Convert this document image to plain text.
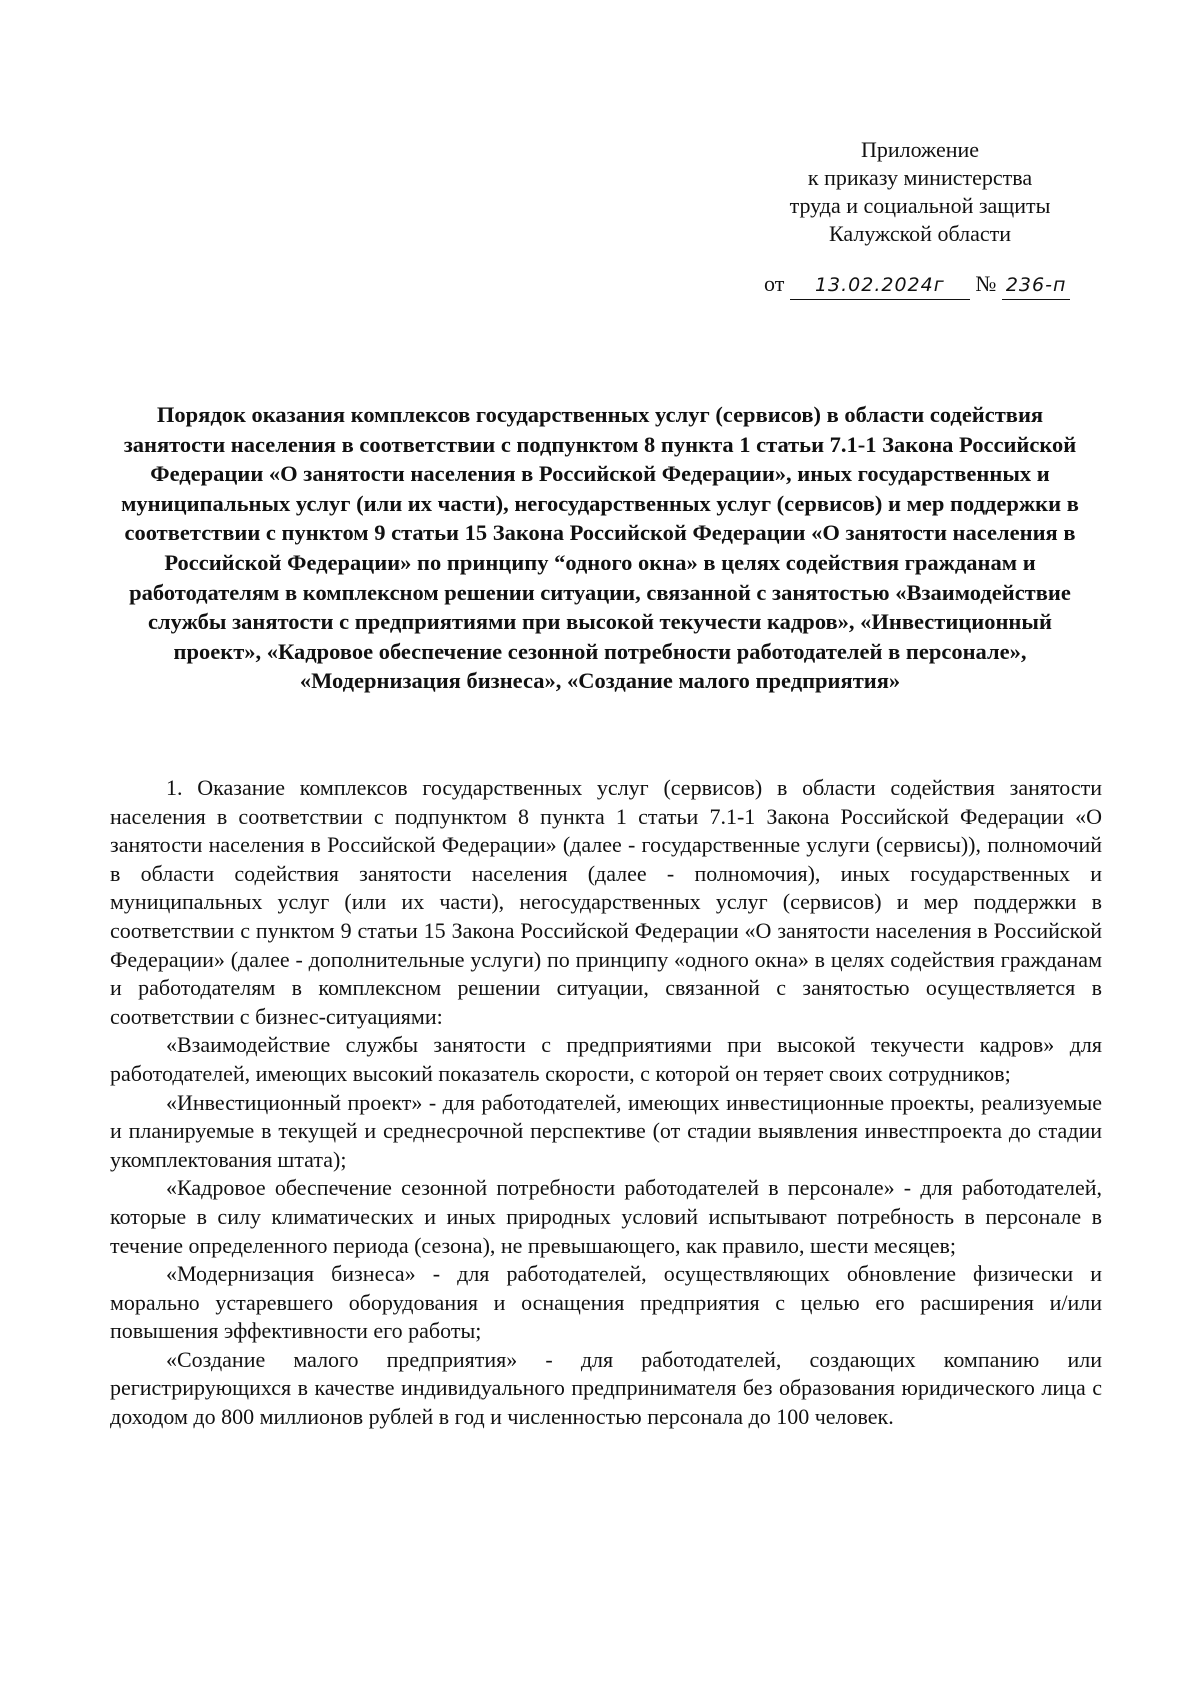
Приложение
к приказу министерства
труда и социальной защиты
Калужской области
от 13.02.2024г № 236-п
Порядок оказания комплексов государственных услуг (сервисов) в области содействия занятости населения в соответствии с подпунктом 8 пункта 1 статьи 7.1-1 Закона Российской Федерации «О занятости населения в Российской Федерации», иных государственных и муниципальных услуг (или их части), негосударственных услуг (сервисов) и мер поддержки в соответствии с пунктом 9 статьи 15 Закона Российской Федерации «О занятости населения в Российской Федерации» по принципу “одного окна» в целях содействия гражданам и работодателям в комплексном решении ситуации, связанной с занятостью «Взаимодействие службы занятости с предприятиями при высокой текучести кадров», «Инвестиционный проект», «Кадровое обеспечение сезонной потребности работодателей в персонале», «Модернизация бизнеса», «Создание малого предприятия»

1. Оказание комплексов государственных услуг (сервисов) в области содействия занятости населения в соответствии с подпунктом 8 пункта 1 статьи 7.1-1 Закона Российской Федерации «О занятости населения в Российской Федерации» (далее - государственные услуги (сервисы)), полномочий в области содействия занятости населения (далее - полномочия), иных государственных и муниципальных услуг (или их части), негосударственных услуг (сервисов) и мер поддержки в соответствии с пунктом 9 статьи 15 Закона Российской Федерации «О занятости населения в Российской Федерации» (далее - дополнительные услуги) по принципу «одного окна» в целях содействия гражданам и работодателям в комплексном решении ситуации, связанной с занятостью осуществляется в соответствии с бизнес-ситуациями:

«Взаимодействие службы занятости с предприятиями при высокой текучести кадров» для работодателей, имеющих высокий показатель скорости, с которой он теряет своих сотрудников;

«Инвестиционный проект» - для работодателей, имеющих инвестиционные проекты, реализуемые и планируемые в текущей и среднесрочной перспективе (от стадии выявления инвестпроекта до стадии укомплектования штата);

«Кадровое обеспечение сезонной потребности работодателей в персонале» - для работодателей, которые в силу климатических и иных природных условий испытывают потребность в персонале в течение определенного периода (сезона), не превышающего, как правило, шести месяцев;

«Модернизация бизнеса» - для работодателей, осуществляющих обновление физически и морально устаревшего оборудования и оснащения предприятия с целью его расширения и/или повышения эффективности его работы;

«Создание малого предприятия» - для работодателей, создающих компанию или регистрирующихся в качестве индивидуального предпринимателя без образования юридического лица с доходом до 800 миллионов рублей в год и численностью персонала до 100 человек.
